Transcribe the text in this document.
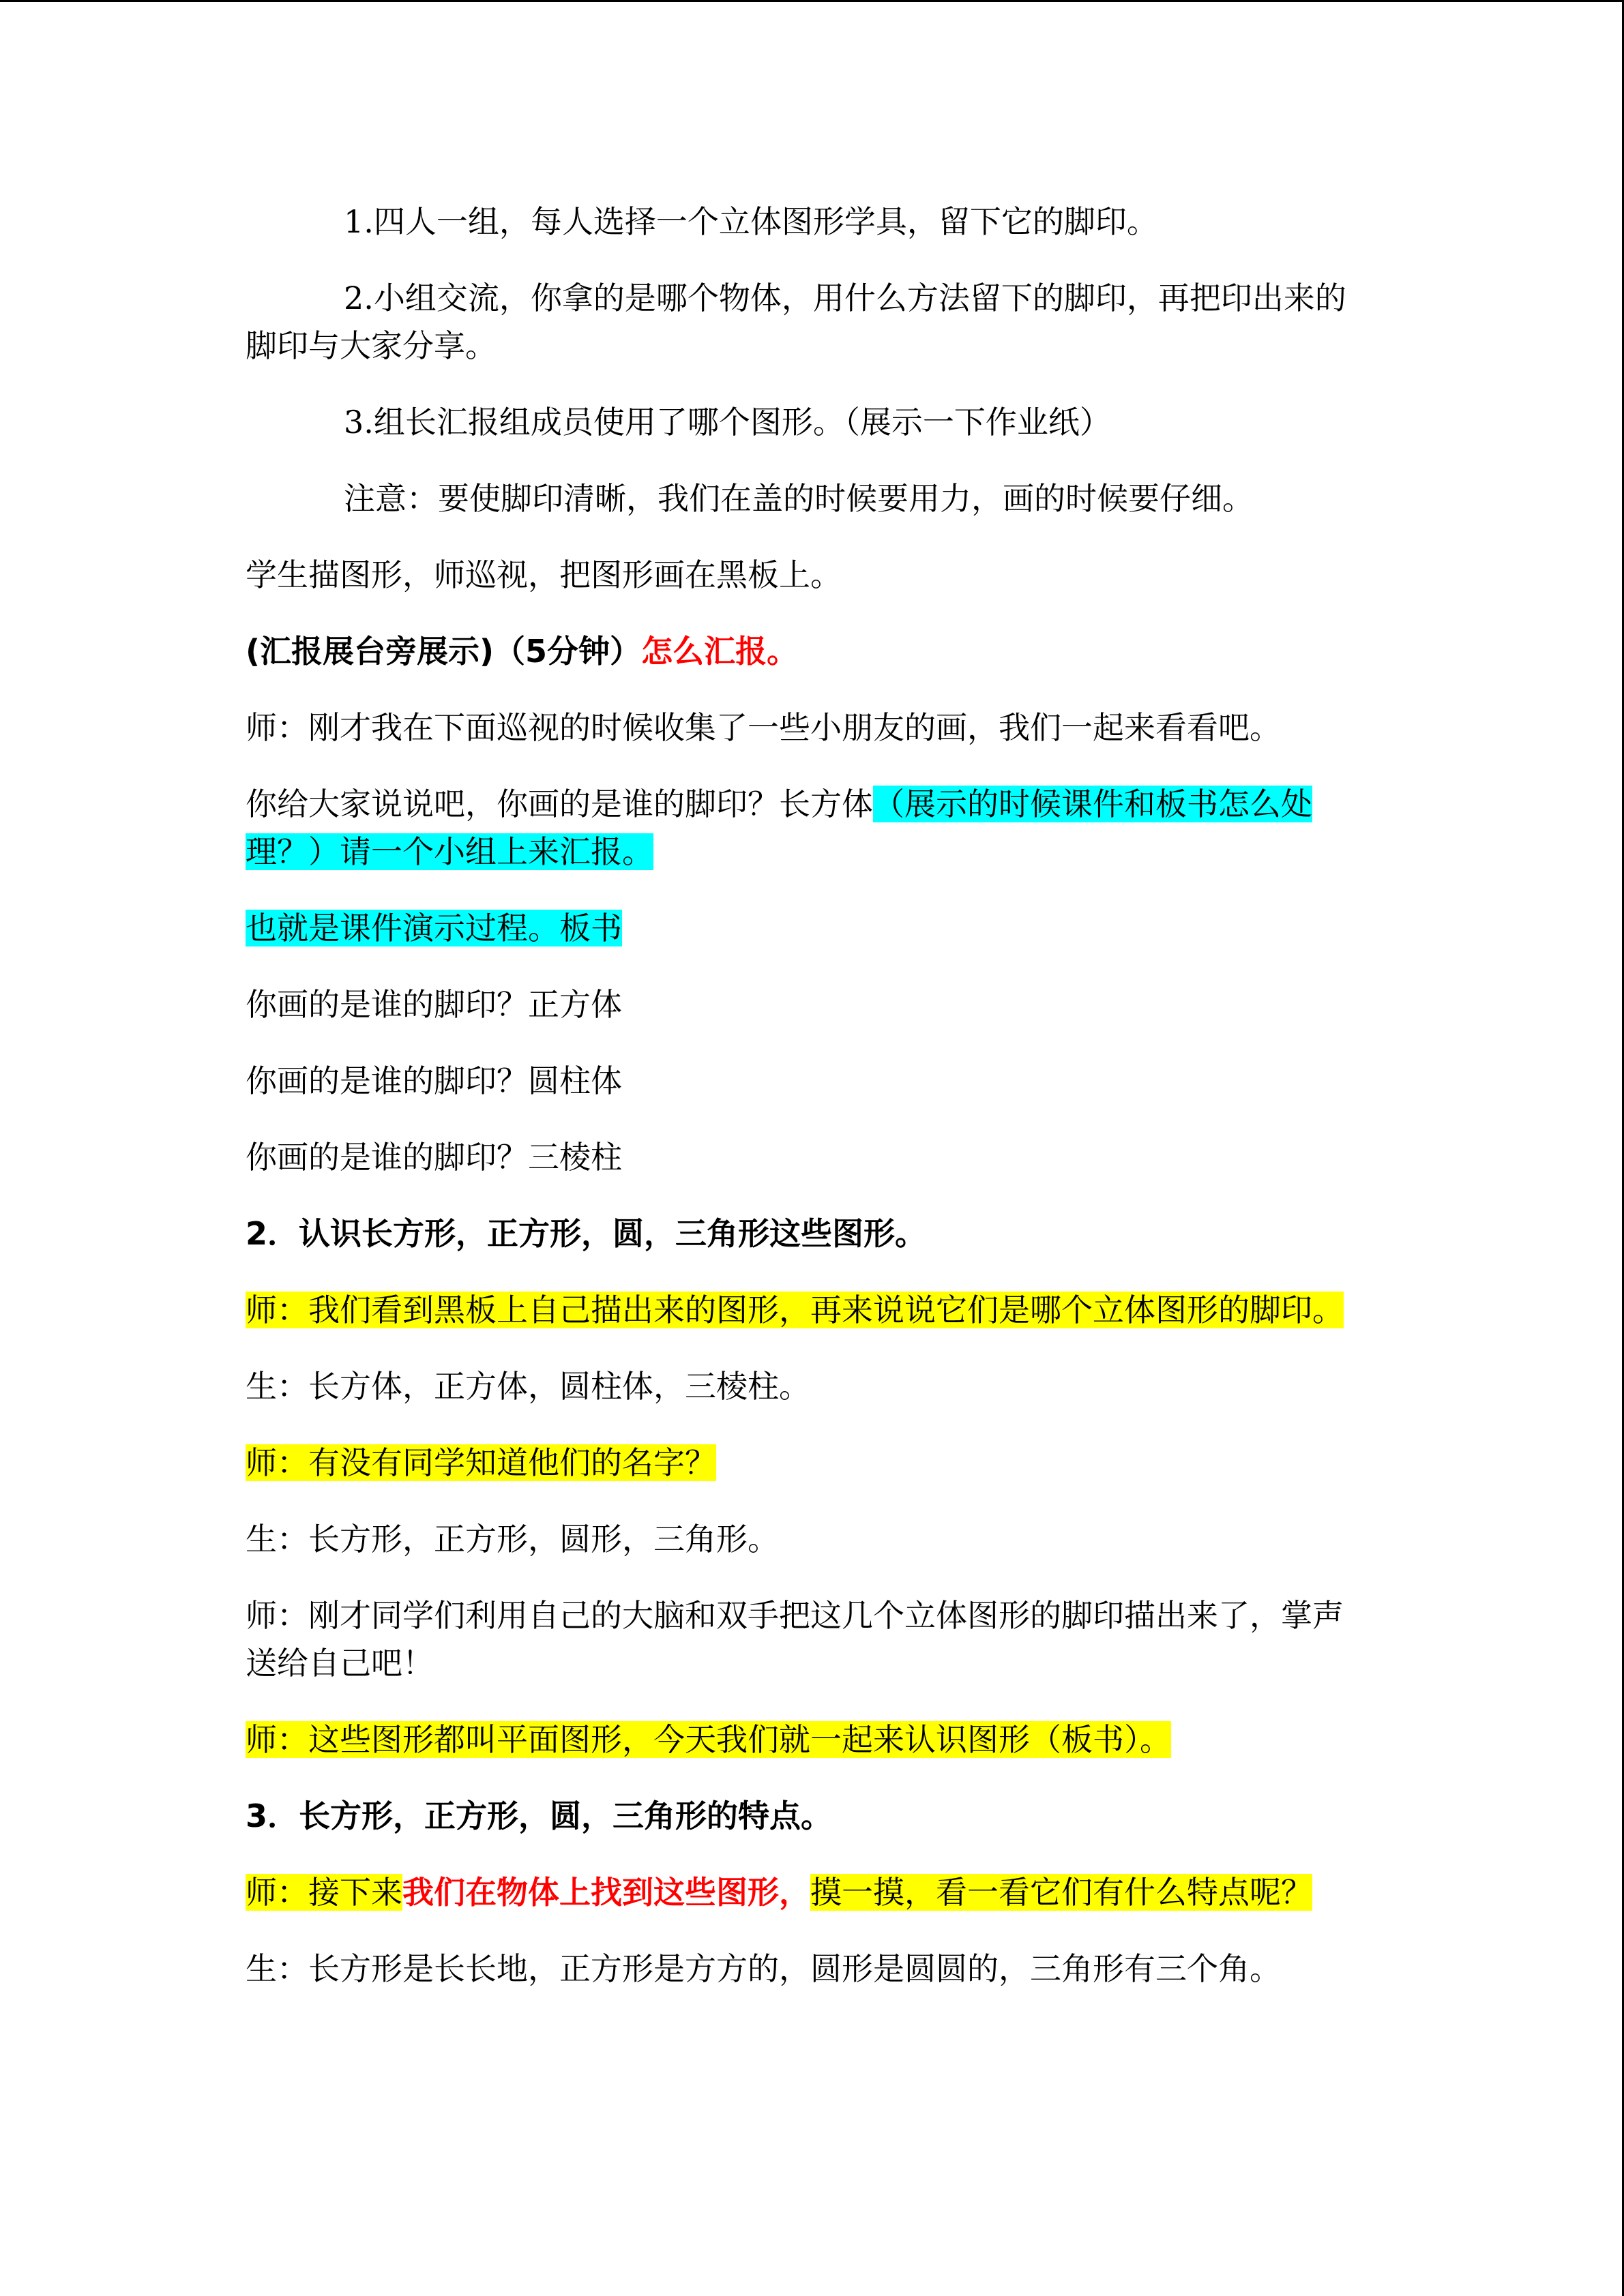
1.四人一组，每人选择一个立体图形学具，留下它的脚印。

2.小组交流，你拿的是哪个物体，用什么方法留下的脚印，再把印出来的脚印与大家分享。

3.组长汇报组成员使用了哪个图形。（展示一下作业纸）

注意：要使脚印清晰，我们在盖的时候要用力，画的时候要仔细。

学生描图形，师巡视，把图形画在黑板上。

(汇报展台旁展示)（5分钟）怎么汇报。

师：刚才我在下面巡视的时候收集了一些小朋友的画，我们一起来看看吧。

你给大家说说吧，你画的是谁的脚印？长方体（展示的时候课件和板书怎么处理？）请一个小组上来汇报。

也就是课件演示过程。板书

你画的是谁的脚印？正方体

你画的是谁的脚印？圆柱体

你画的是谁的脚印？三棱柱

2．认识长方形，正方形，圆，三角形这些图形。

师：我们看到黑板上自己描出来的图形，再来说说它们是哪个立体图形的脚印。

生：长方体，正方体，圆柱体，三棱柱。

师：有没有同学知道他们的名字？

生：长方形，正方形，圆形，三角形。

师：刚才同学们利用自己的大脑和双手把这几个立体图形的脚印描出来了，掌声送给自己吧！

师：这些图形都叫平面图形，今天我们就一起来认识图形（板书）。

3．长方形，正方形，圆，三角形的特点。

师：接下来我们在物体上找到这些图形，摸一摸，看一看它们有什么特点呢？

生：长方形是长长地，正方形是方方的，圆形是圆圆的，三角形有三个角。
